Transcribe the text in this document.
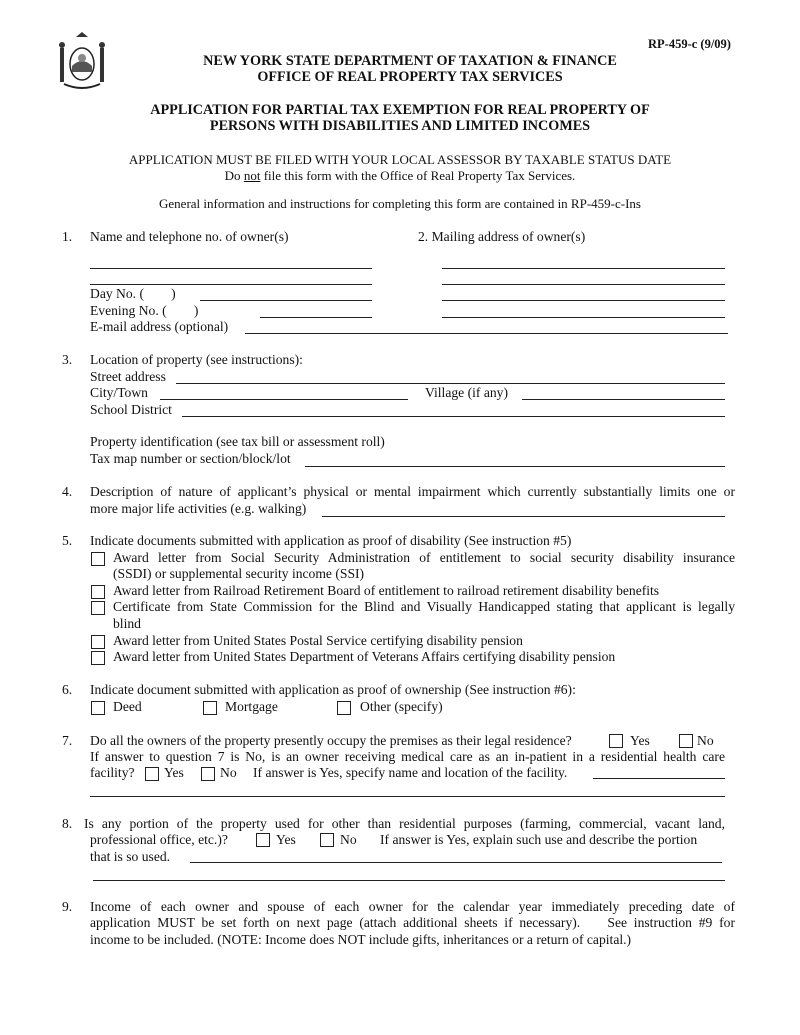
RP-459-c (9/09)
NEW YORK STATE DEPARTMENT OF TAXATION & FINANCE
OFFICE OF REAL PROPERTY TAX SERVICES
APPLICATION FOR PARTIAL TAX EXEMPTION FOR REAL PROPERTY OF
PERSONS WITH DISABILITIES AND LIMITED INCOMES
APPLICATION MUST BE FILED WITH YOUR LOCAL ASSESSOR BY TAXABLE STATUS DATE
Do not file this form with the Office of Real Property Tax Services.
General information and instructions for completing this form are contained in RP-459-c-Ins
1. Name and telephone no. of owner(s)	2. Mailing address of owner(s)
Day No. (        )
Evening No. (        )
E-mail address (optional)
3. Location of property (see instructions):
Street address
City/Town	Village (if any)
School District
Property identification (see tax bill or assessment roll)
Tax map number or section/block/lot
4. Description of nature of applicant’s physical or mental impairment which currently substantially limits one or
more major life activities (e.g. walking)
5. Indicate documents submitted with application as proof of disability (See instruction #5)
Award letter from Social Security Administration of entitlement to social security disability insurance
(SSDI) or supplemental security income (SSI)
Award letter from Railroad Retirement Board of entitlement to railroad retirement disability benefits
Certificate from State Commission for the Blind and Visually Handicapped stating that applicant is legally
blind
Award letter from United States Postal Service certifying disability pension
Award letter from United States Department of Veterans Affairs certifying disability pension
6. Indicate document submitted with application as proof of ownership (See instruction #6):
Deed	Mortgage	Other (specify)
7. Do all the owners of the property presently occupy the premises as their legal residence?	Yes	No
If answer to question 7 is No, is an owner receiving medical care as an in-patient in a residential health care
facility? Yes	No If answer is Yes, specify name and location of the facility.
8. Is any portion of the property used for other than residential purposes (farming, commercial, vacant land,
professional office, etc.)?	Yes	No If answer is Yes, explain such use and describe the portion
that is so used.
9. Income of each owner and spouse of each owner for the calendar year immediately preceding date of
application MUST be set forth on next page (attach additional sheets if necessary).    See instruction #9 for
income to be included. (NOTE: Income does NOT include gifts, inheritances or a return of capital.)
